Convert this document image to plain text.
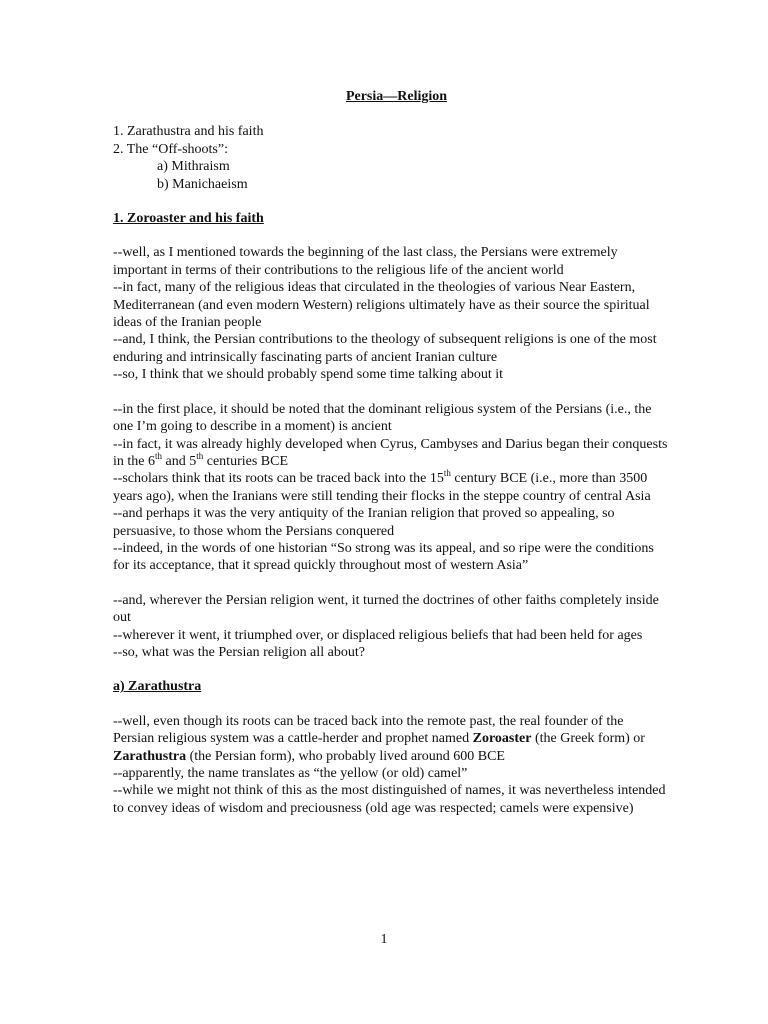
Persia—Religion

1. Zarathustra and his faith

2. The “Off-shoots”:

a) Mithraism

b) Manichaeism

1. Zoroaster and his faith
--well, as I mentioned towards the beginning of the last class, the Persians were extremely important in terms of their contributions to the religious life of the ancient world
--in fact, many of the religious ideas that circulated in the theologies of various Near Eastern, Mediterranean (and even modern Western) religions ultimately have as their source the spiritual ideas of the Iranian people
--and, I think, the Persian contributions to the theology of subsequent religions is one of the most enduring and intrinsically fascinating parts of ancient Iranian culture
--so, I think that we should probably spend some time talking about it
--in the first place, it should be noted that the dominant religious system of the Persians (i.e., the one I’m going to describe in a moment) is ancient
--in fact, it was already highly developed when Cyrus, Cambyses and Darius began their conquests in the 6th and 5th centuries BCE
--scholars think that its roots can be traced back into the 15th century BCE (i.e., more than 3500 years ago), when the Iranians were still tending their flocks in the steppe country of central Asia
--and perhaps it was the very antiquity of the Iranian religion that proved so appealing, so persuasive, to those whom the Persians conquered
--indeed, in the words of one historian “So strong was its appeal, and so ripe were the conditions for its acceptance, that it spread quickly throughout most of western Asia”
--and, wherever the Persian religion went, it turned the doctrines of other faiths completely inside out
--wherever it went, it triumphed over, or displaced religious beliefs that had been held for ages
--so, what was the Persian religion all about?
a) Zarathustra
--well, even though its roots can be traced back into the remote past, the real founder of the Persian religious system was a cattle-herder and prophet named Zoroaster (the Greek form) or Zarathustra (the Persian form), who probably lived around 600 BCE
--apparently, the name translates as “the yellow (or old) camel”
--while we might not think of this as the most distinguished of names, it was nevertheless intended to convey ideas of wisdom and preciousness (old age was respected; camels were expensive)
1
